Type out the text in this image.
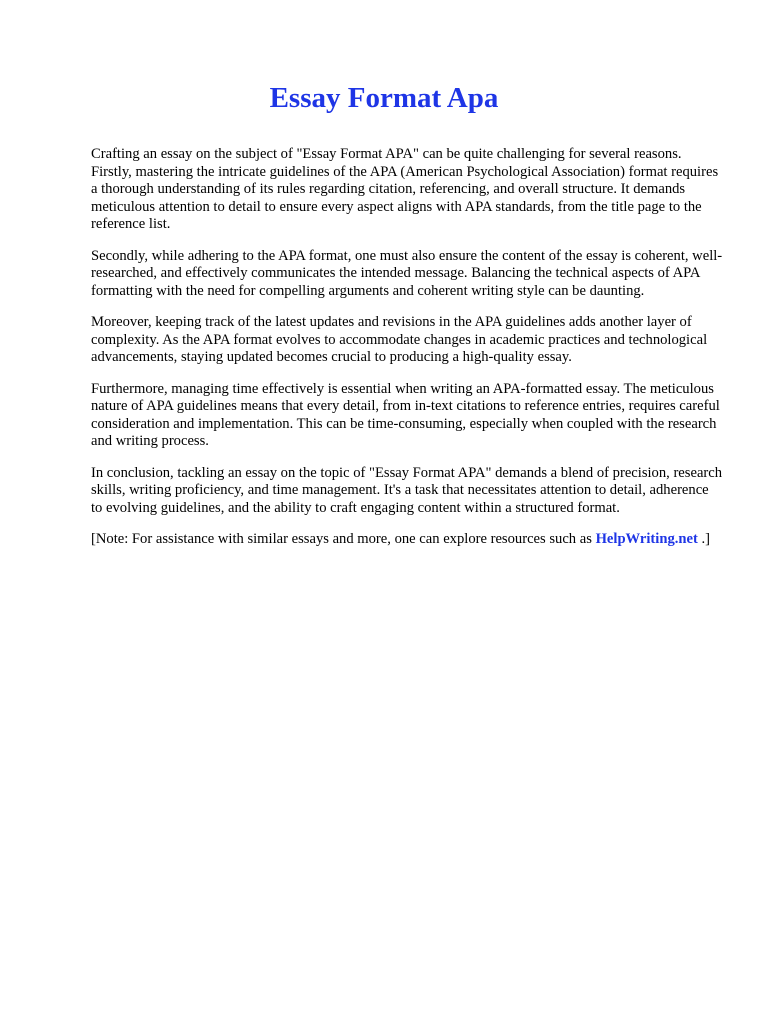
Essay Format Apa

Crafting an essay on the subject of "Essay Format APA" can be quite challenging for several reasons. Firstly, mastering the intricate guidelines of the APA (American Psychological Association) format requires a thorough understanding of its rules regarding citation, referencing, and overall structure. It demands meticulous attention to detail to ensure every aspect aligns with APA standards, from the title page to the reference list.

Secondly, while adhering to the APA format, one must also ensure the content of the essay is coherent, well-researched, and effectively communicates the intended message. Balancing the technical aspects of APA formatting with the need for compelling arguments and coherent writing style can be daunting.

Moreover, keeping track of the latest updates and revisions in the APA guidelines adds another layer of complexity. As the APA format evolves to accommodate changes in academic practices and technological advancements, staying updated becomes crucial to producing a high-quality essay.

Furthermore, managing time effectively is essential when writing an APA-formatted essay. The meticulous nature of APA guidelines means that every detail, from in-text citations to reference entries, requires careful consideration and implementation. This can be time-consuming, especially when coupled with the research and writing process.

In conclusion, tackling an essay on the topic of "Essay Format APA" demands a blend of precision, research skills, writing proficiency, and time management. It's a task that necessitates attention to detail, adherence to evolving guidelines, and the ability to craft engaging content within a structured format.

[Note: For assistance with similar essays and more, one can explore resources such as HelpWriting.net .]
